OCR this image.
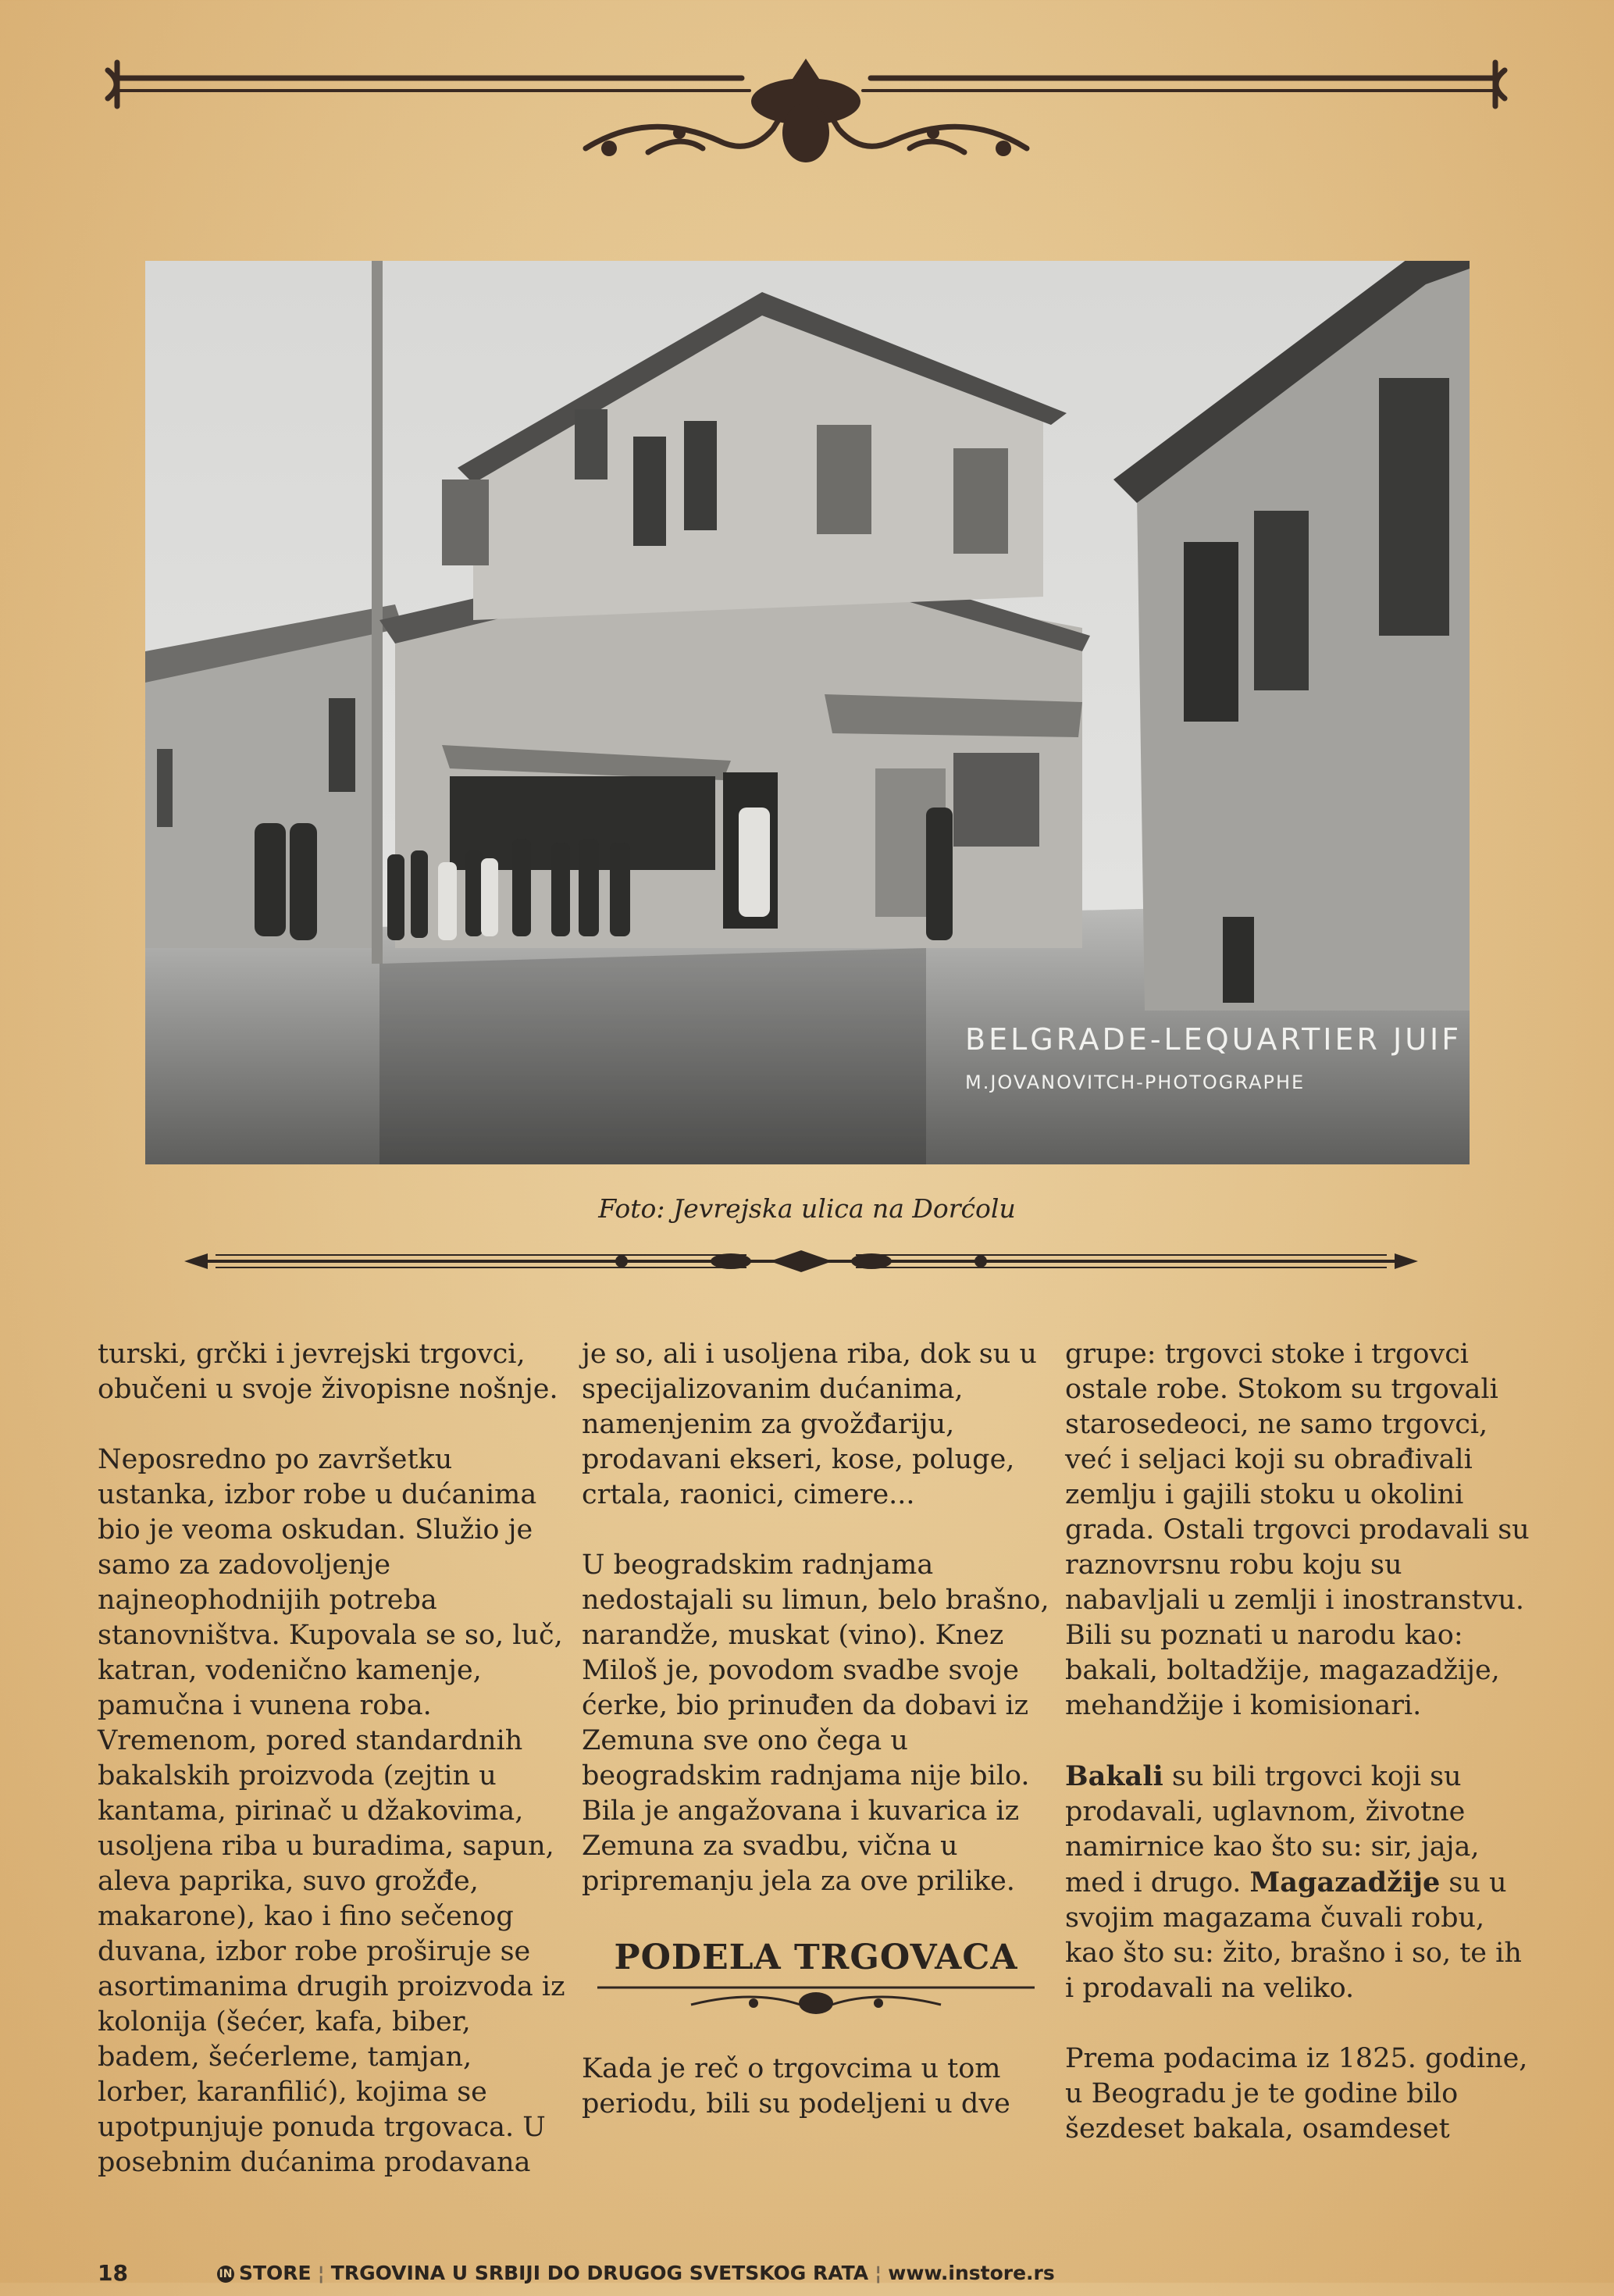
BELGRADE-LEQUARTIER JUIF
M.JOVANOVITCH-PHOTOGRAPHE
Foto: Jevrejska ulica na Dorćolu

turski, grčki i jevrejski trgovci, obučeni u svoje živopisne nošnje.

Neposredno po završetku ustanka, izbor robe u dućanima bio je veoma oskudan. Služio je samo za zadovoljenje najneophodnijih potreba stanovništva. Kupovala se so, luč, katran, vodenično kamenje, pamučna i vunena roba. Vremenom, pored standardnih bakalskih proizvoda (zejtin u kantama, pirinač u džakovima, usoljena riba u buradima, sapun, aleva paprika, suvo grožđe, makarone), kao i fino sečenog duvana, izbor robe proširuje se asortimanima drugih proizvoda iz kolonija (šećer, kafa, biber, badem, šećerleme, tamjan, lorber, karanfilić), kojima se upotpunjuje ponuda trgovaca. U posebnim dućanima prodavana

je so, ali i usoljena riba, dok su u specijalizovanim dućanima, namenjenim za gvožđariju, prodavani ekseri, kose, poluge, crtala, raonici, cimere...

U beogradskim radnjama nedostajali su limun, belo brašno, narandže, muskat (vino). Knez Miloš je, povodom svadbe svoje ćerke, bio prinuđen da dobavi iz Zemuna sve ono čega u beogradskim radnjama nije bilo. Bila je angažovana i kuvarica iz Zemuna za svadbu, vična u pripremanju jela za ove prilike.

PODELA TRGOVACA

Kada je reč o trgovcima u tom periodu, bili su podeljeni u dve

grupe: trgovci stoke i trgovci ostale robe. Stokom su trgovali starosedeoci, ne samo trgovci, već i seljaci koji su obrađivali zemlju i gajili stoku u okolini grada. Ostali trgovci prodavali su raznovrsnu robu koju su nabavljali u zemlji i inostranstvu. Bili su poznati u narodu kao: bakali, boltadžije, magazadžije, mehandžije i komisionari.

Bakali su bili trgovci koji su prodavali, uglavnom, životne namirnice kao što su: sir, jaja, med i drugo. Magazadžije su u svojim magazama čuvali robu, kao što su: žito, brašno i so, te ih i prodavali na veliko.

Prema podacima iz 1825. godine, u Beogradu je te godine bilo šezdeset bakala, osamdeset

18	IN STORE ¦ TRGOVINA U SRBIJI DO DRUGOG SVETSKOG RATA ¦ www.instore.rs
